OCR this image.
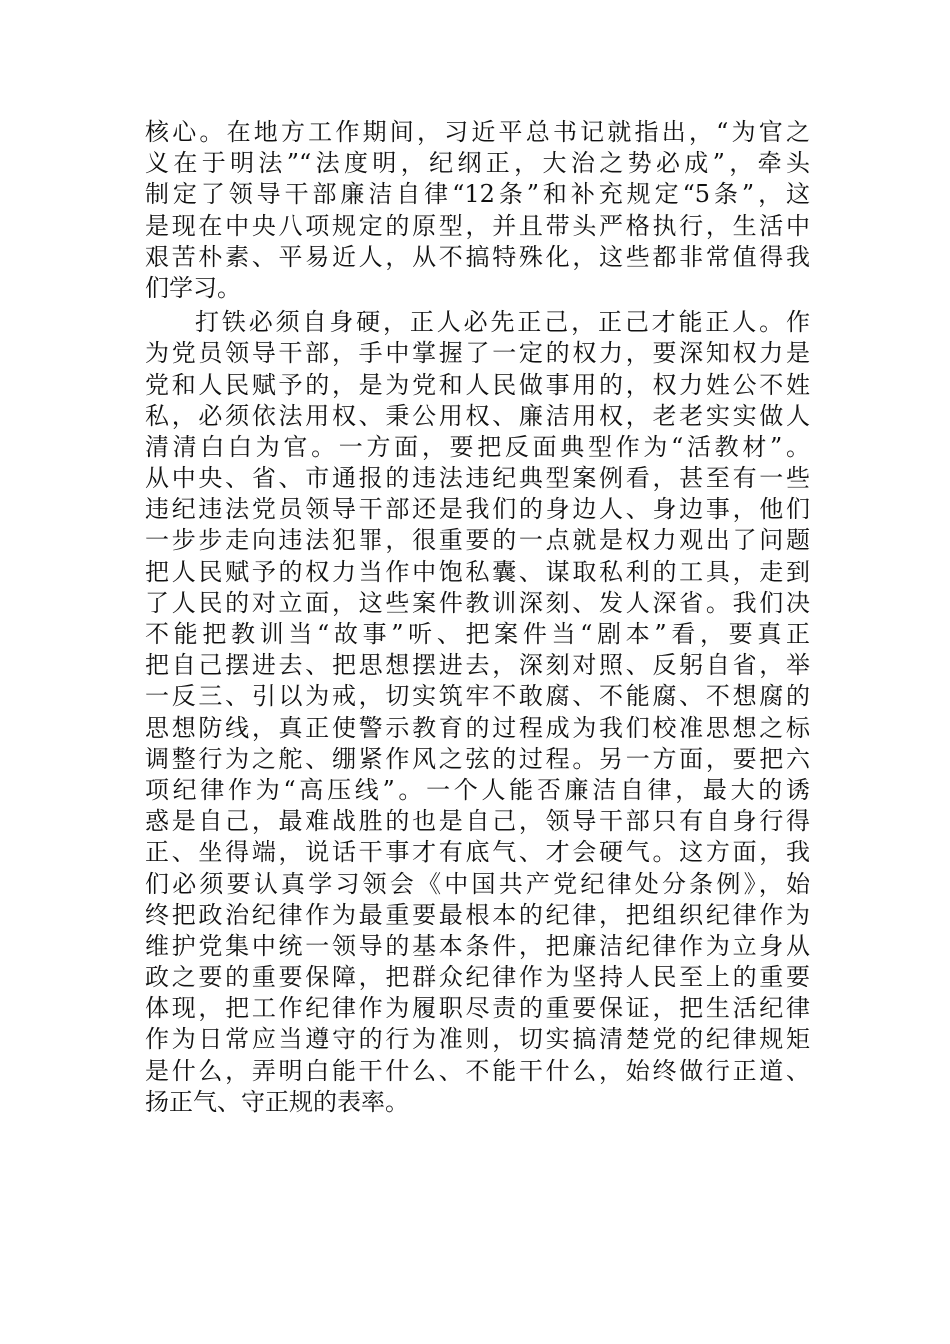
核心。在地方工作期间，习近平总书记就指出，“为官之
义在于明法”“法度明，纪纲正，大治之势必成”，牵头
制定了领导干部廉洁自律“12条”和补充规定“5条”，这
是现在中央八项规定的原型，并且带头严格执行，生活中
艰苦朴素、平易近人，从不搞特殊化，这些都非常值得我
们学习。
打铁必须自身硬，正人必先正己，正己才能正人。作
为党员领导干部，手中掌握了一定的权力，要深知权力是
党和人民赋予的，是为党和人民做事用的，权力姓公不姓
私，必须依法用权、秉公用权、廉洁用权，老老实实做人
清清白白为官。一方面，要把反面典型作为“活教材”。
从中央、省、市通报的违法违纪典型案例看，甚至有一些
违纪违法党员领导干部还是我们的身边人、身边事，他们
一步步走向违法犯罪，很重要的一点就是权力观出了问题
把人民赋予的权力当作中饱私囊、谋取私利的工具，走到
了人民的对立面，这些案件教训深刻、发人深省。我们决
不能把教训当“故事”听、把案件当“剧本”看，要真正
把自己摆进去、把思想摆进去，深刻对照、反躬自省，举
一反三、引以为戒，切实筑牢不敢腐、不能腐、不想腐的
思想防线，真正使警示教育的过程成为我们校准思想之标
调整行为之舵、绷紧作风之弦的过程。另一方面，要把六
项纪律作为“高压线”。一个人能否廉洁自律，最大的诱
惑是自己，最难战胜的也是自己，领导干部只有自身行得
正、坐得端，说话干事才有底气、才会硬气。这方面，我
们必须要认真学习领会《中国共产党纪律处分条例》，始
终把政治纪律作为最重要最根本的纪律，把组织纪律作为
维护党集中统一领导的基本条件，把廉洁纪律作为立身从
政之要的重要保障，把群众纪律作为坚持人民至上的重要
体现，把工作纪律作为履职尽责的重要保证，把生活纪律
作为日常应当遵守的行为准则，切实搞清楚党的纪律规矩
是什么，弄明白能干什么、不能干什么，始终做行正道、
扬正气、守正规的表率。
